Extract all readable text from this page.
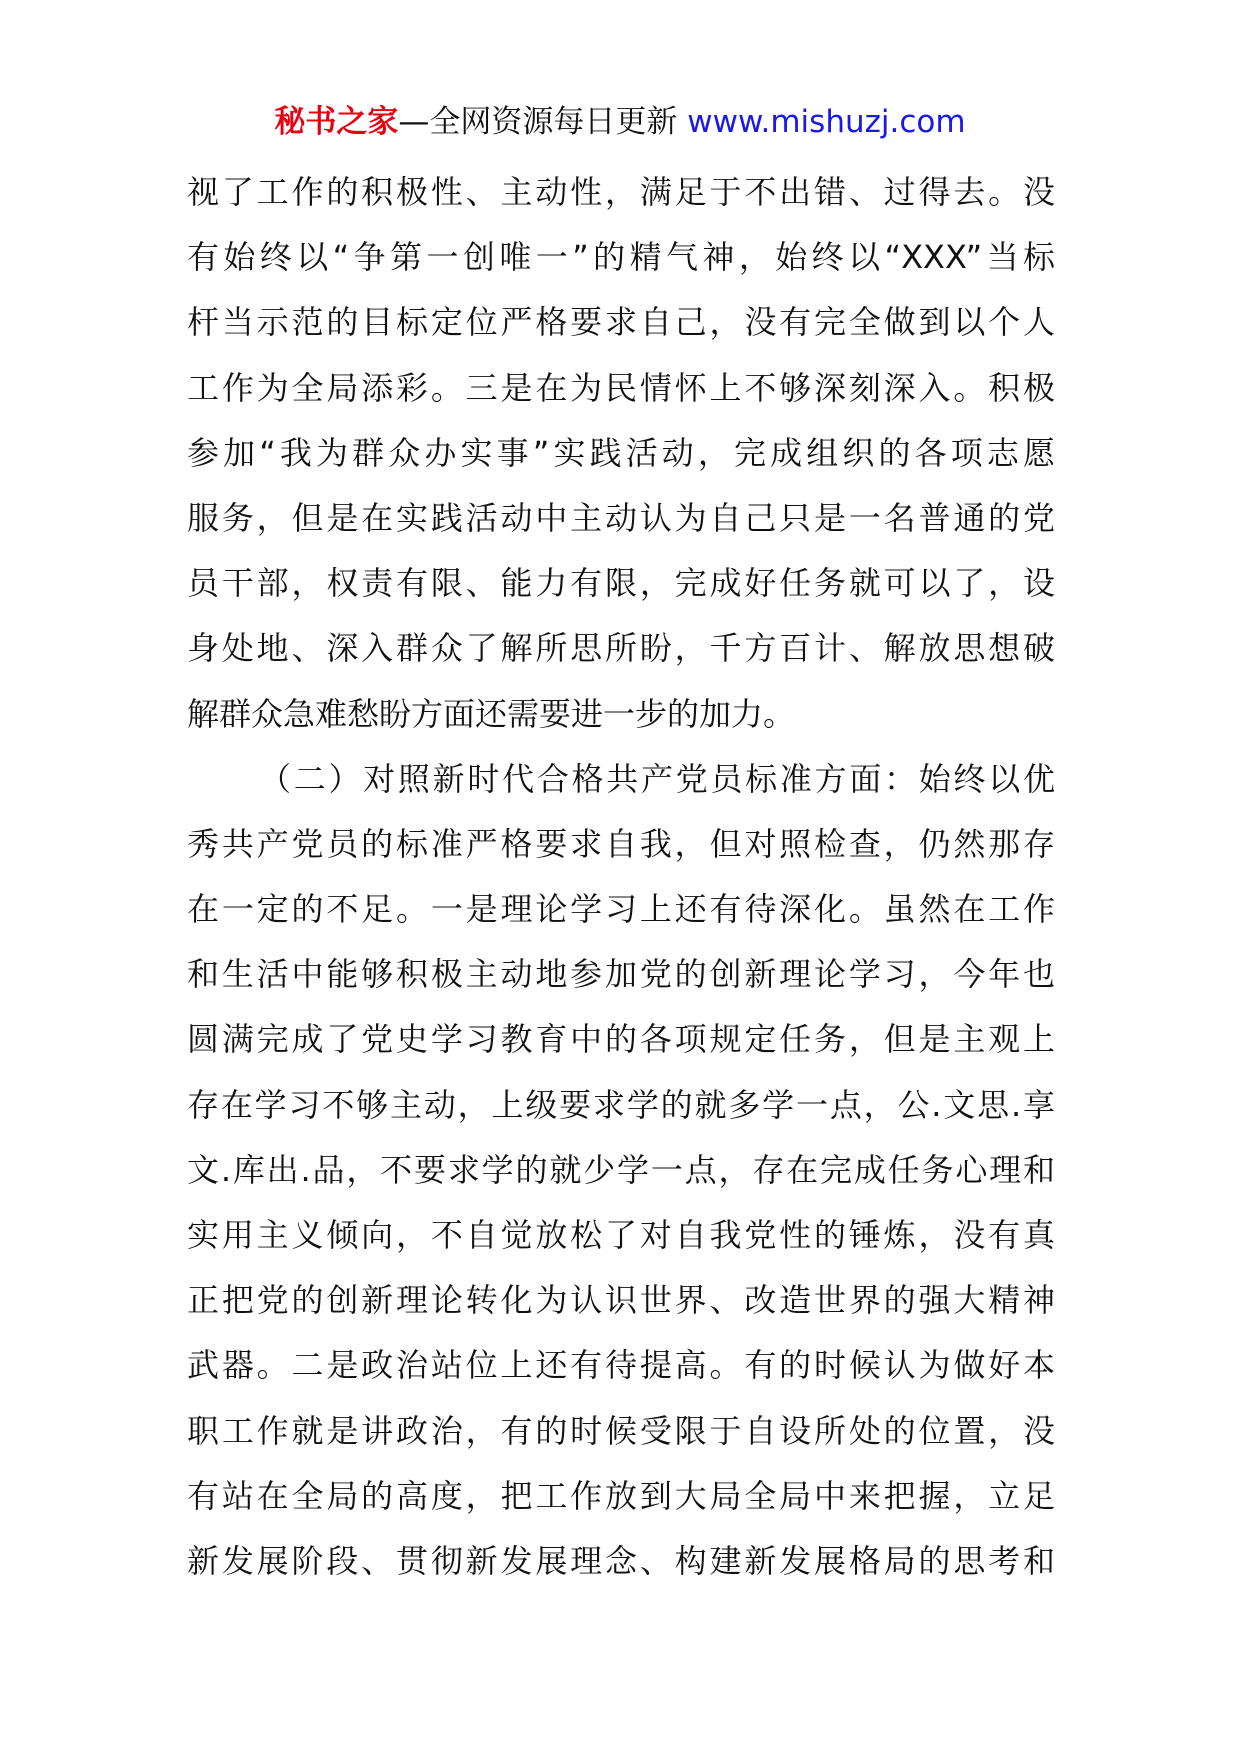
秘书之家—全网资源每日更新 www.mishuzj.com
视了工作的积极性、主动性，满足于不出错、过得去。没
有始终以“争第一创唯一”的精气神，始终以“XXX”当标
杆当示范的目标定位严格要求自己，没有完全做到以个人
工作为全局添彩。三是在为民情怀上不够深刻深入。积极
参加“我为群众办实事”实践活动，完成组织的各项志愿
服务，但是在实践活动中主动认为自己只是一名普通的党
员干部，权责有限、能力有限，完成好任务就可以了，设
身处地、深入群众了解所思所盼，千方百计、解放思想破
解群众急难愁盼方面还需要进一步的加力。
（二）对照新时代合格共产党员标准方面：始终以优
秀共产党员的标准严格要求自我，但对照检查，仍然那存
在一定的不足。一是理论学习上还有待深化。虽然在工作
和生活中能够积极主动地参加党的创新理论学习，今年也
圆满完成了党史学习教育中的各项规定任务，但是主观上
存在学习不够主动，上级要求学的就多学一点，公.文思.享
文.库出.品，不要求学的就少学一点，存在完成任务心理和
实用主义倾向，不自觉放松了对自我党性的锤炼，没有真
正把党的创新理论转化为认识世界、改造世界的强大精神
武器。二是政治站位上还有待提高。有的时候认为做好本
职工作就是讲政治，有的时候受限于自设所处的位置，没
有站在全局的高度，把工作放到大局全局中来把握，立足
新发展阶段、贯彻新发展理念、构建新发展格局的思考和
